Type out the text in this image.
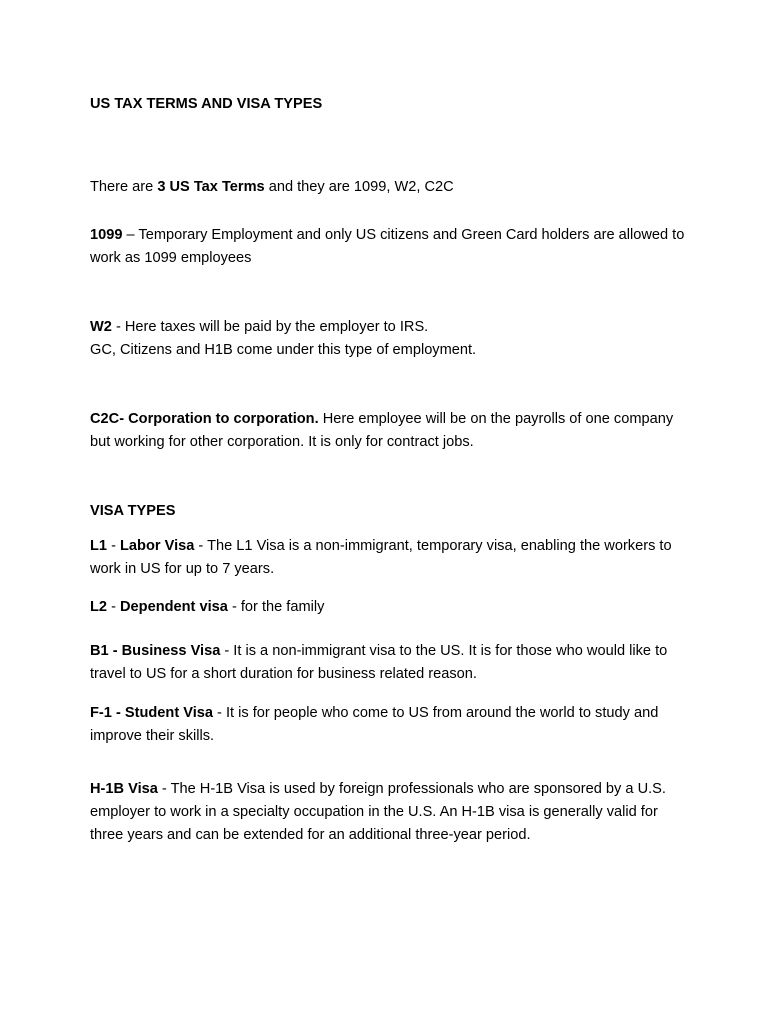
US TAX TERMS AND VISA TYPES

There are 3 US Tax Terms and they are 1099, W2, C2C

1099 – Temporary Employment and only US citizens and Green Card holders are allowed to work as 1099 employees

W2 - Here taxes will be paid by the employer to IRS.
GC, Citizens and H1B come under this type of employment.

C2C- Corporation to corporation. Here employee will be on the payrolls of one company but working for other corporation. It is only for contract jobs.

VISA TYPES

L1 - Labor Visa - The L1 Visa is a non-immigrant, temporary visa, enabling the workers to work in US for up to 7 years.

L2 - Dependent visa - for the family

B1 - Business Visa - It is a non-immigrant visa to the US. It is for those who would like to travel to US for a short duration for business related reason.

F-1 - Student Visa - It is for people who come to US from around the world to study and improve their skills.

H-1B Visa - The H-1B Visa is used by foreign professionals who are sponsored by a U.S. employer to work in a specialty occupation in the U.S. An H-1B visa is generally valid for three years and can be extended for an additional three-year period.
